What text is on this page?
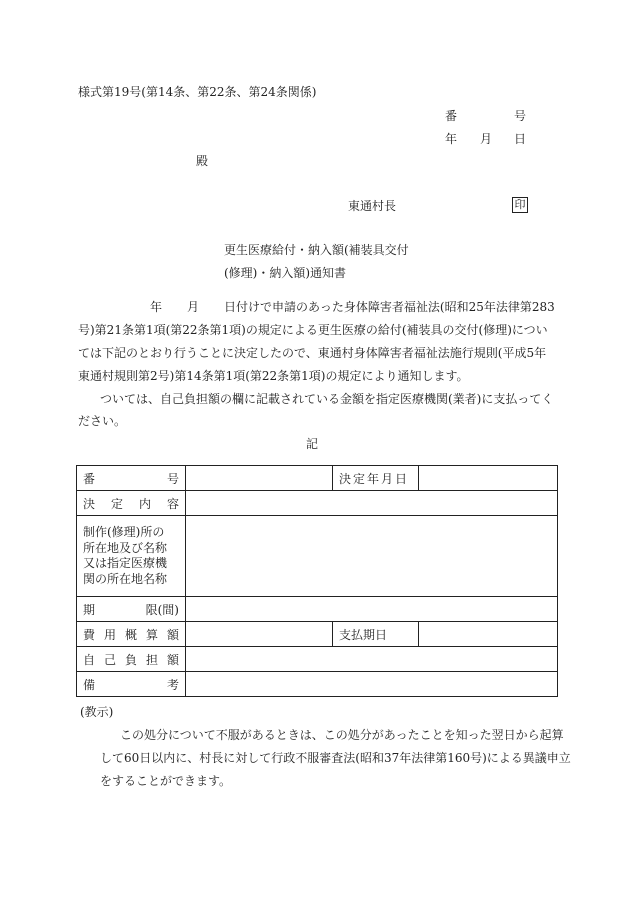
様式第19号(第14条、第22条、第24条関係)
番	号
年 月 日
殿
東通村長	印
更生医療給付・納入額(補装具交付
(修理)・納入額)通知書
年 月 日付けで申請のあった身体障害者福祉法(昭和25年法律第283
号)第21条第1項(第22条第1項)の規定による更生医療の給付(補装具の交付(修理)につい
ては下記のとおり行うことに決定したので、東通村身体障害者福祉法施行規則(平成5年
東通村規則第2号)第14条第1項(第22条第1項)の規定により通知します。
ついては、自己負担額の欄に記載されている金額を指定医療機関(業者)に支払ってく
ださい。
記
番 号		決定年月日	

決 定 内 容			

制作(修理)所の
所在地及び名称
又は指定医療機
関の所在地名称			

期 限(間)			

費 用 概 算 額		支払期日	

自 己 負 担 額			

備 考			

(教示)
この処分について不服があるときは、この処分があったことを知った翌日から起算
して60日以内に、村長に対して行政不服審査法(昭和37年法律第160号)による異議申立
をすることができます。
